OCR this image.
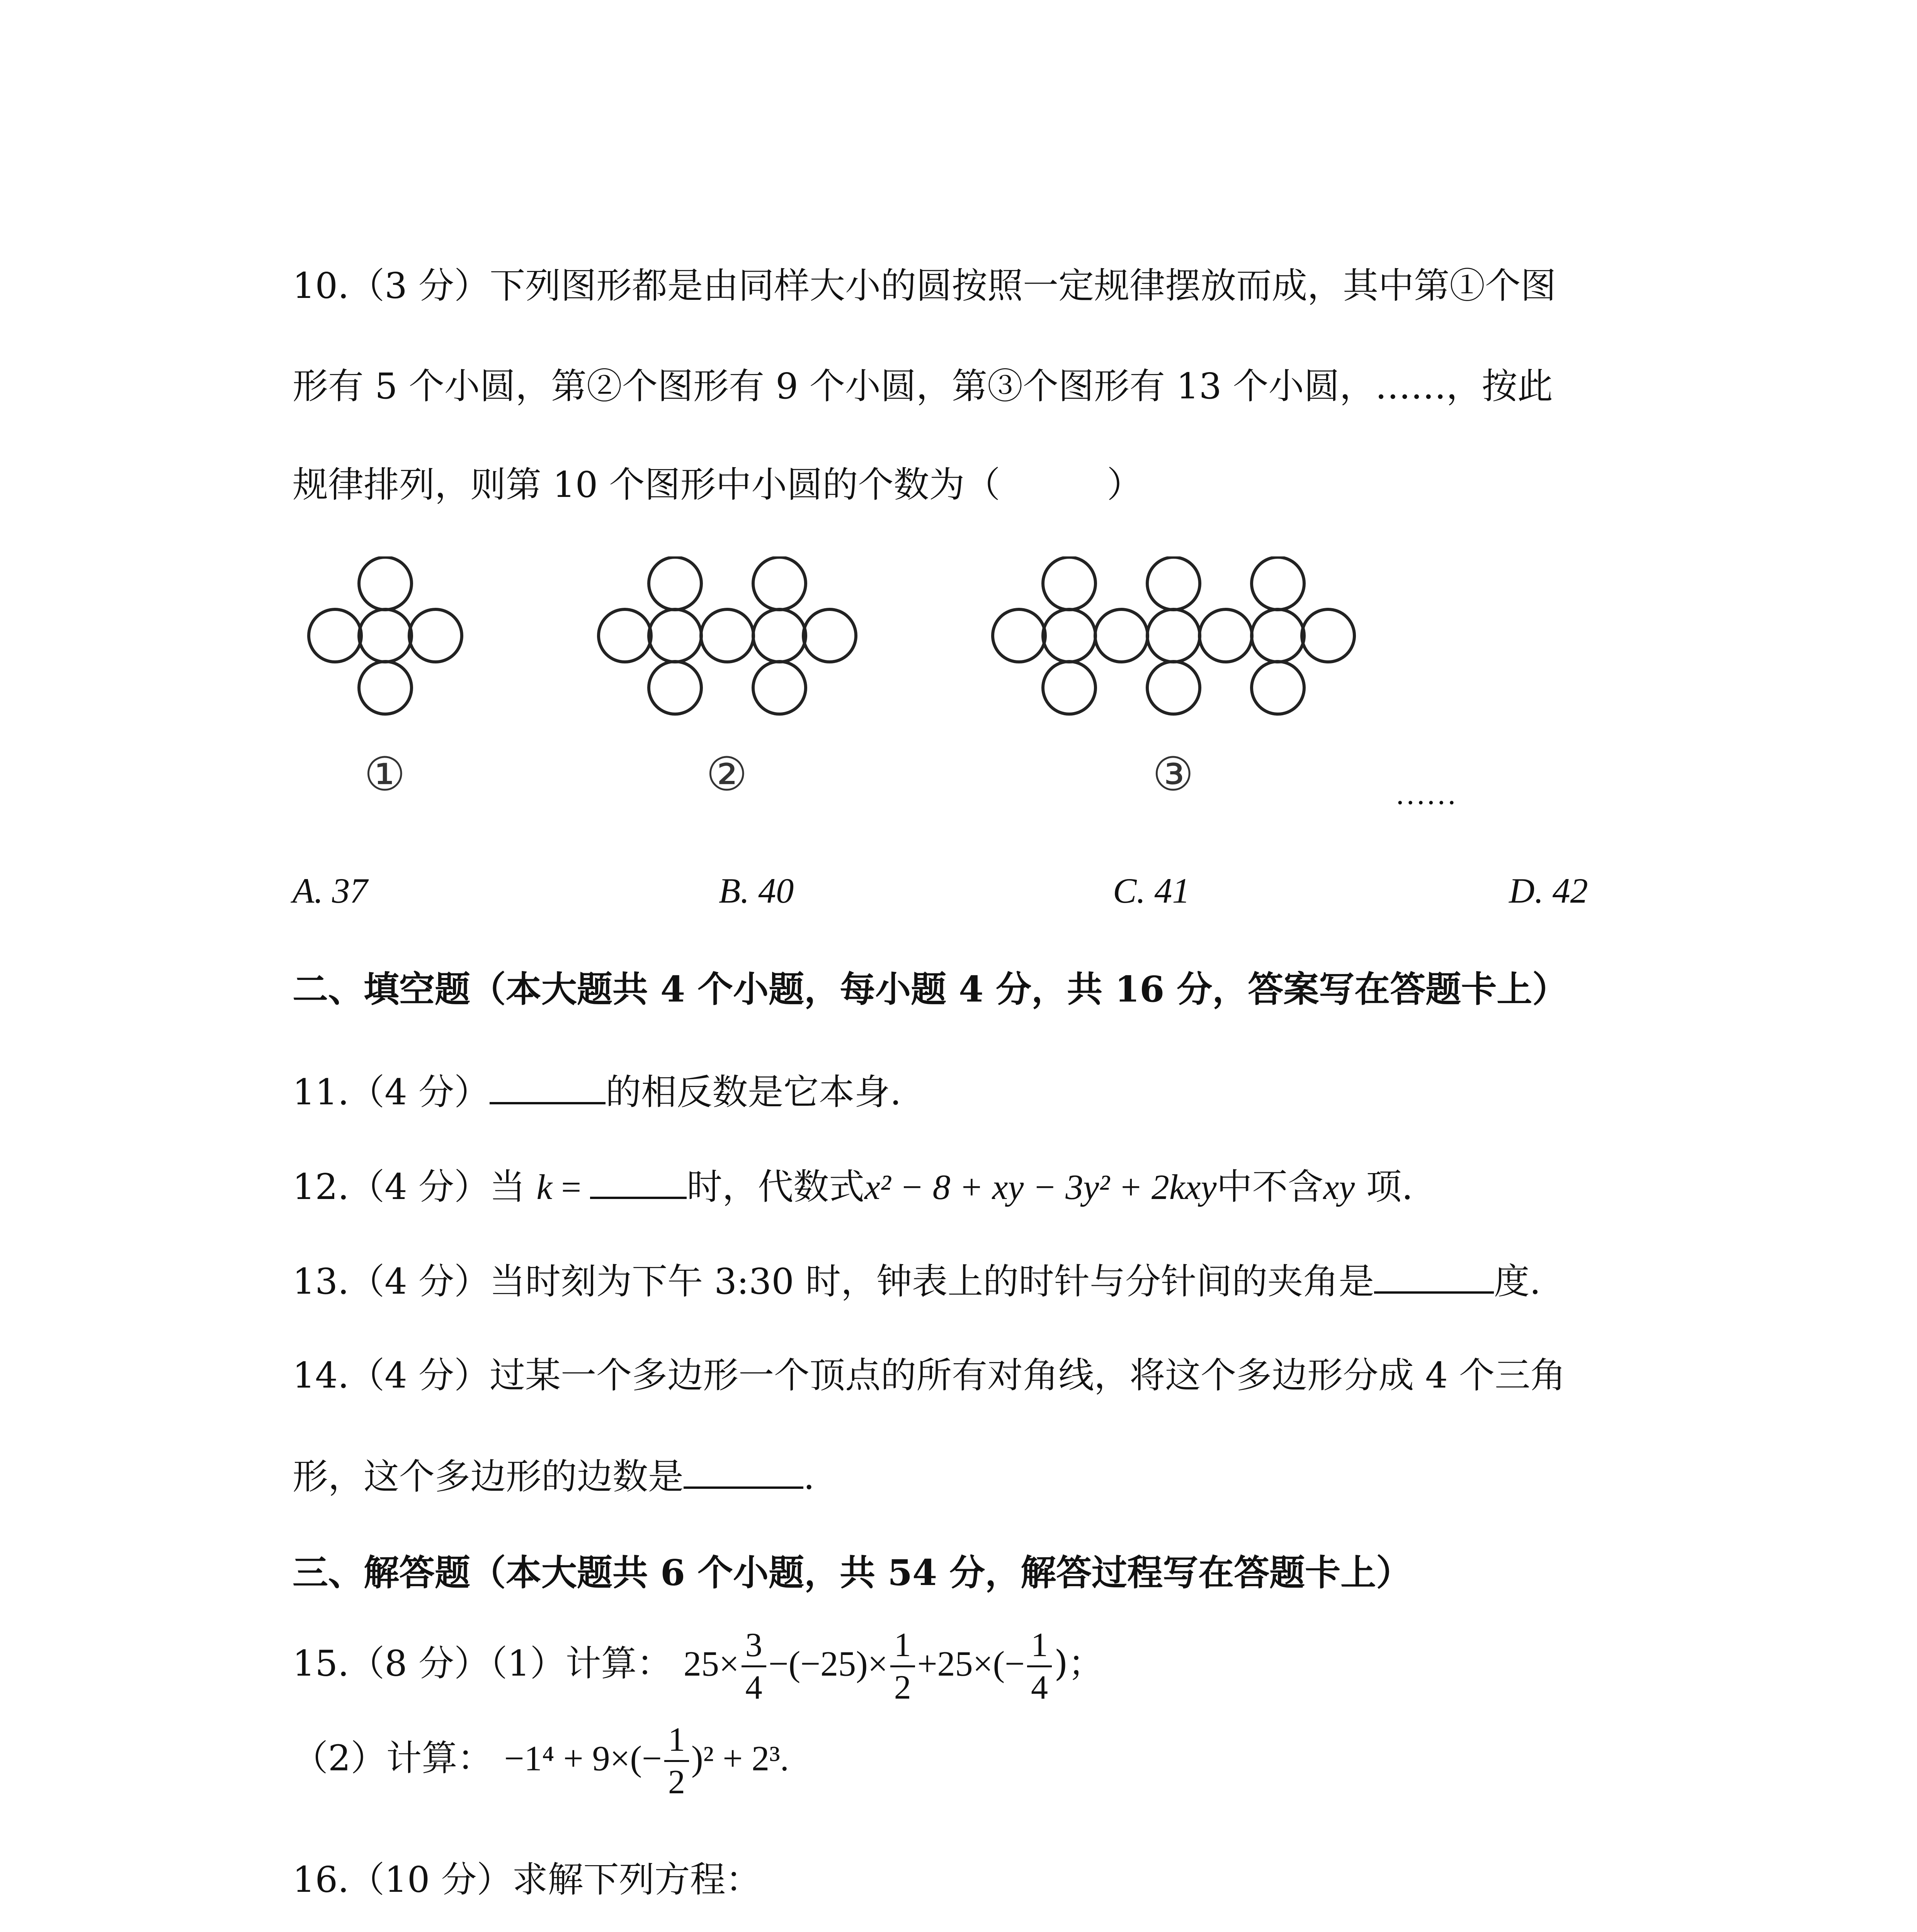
10.（3 分）下列图形都是由同样大小的圆按照一定规律摆放而成，其中第①个图
形有 5 个小圆，第②个图形有 9 个小圆，第③个图形有 13 个小圆，……，按此
规律排列，则第 10 个图形中小圆的个数为（　　　）
①	②	③	……
A. 37	B. 40	C. 41	D. 42
二、填空题（本大题共 4 个小题，每小题 4 分，共 16 分，答案写在答题卡上）
11.（4 分）	的相反数是它本身.
12.（4 分）当 k =	时，代数式x² − 8 + xy − 3y² + 2kxy中不含xy 项.
13.（4 分）当时刻为下午 3:30 时，钟表上的时针与分针间的夹角是	度.
14.（4 分）过某一个多边形一个顶点的所有对角线，将这个多边形分成 4 个三角
形，这个多边形的边数是	.
三、解答题（本大题共 6 个小题，共 54 分，解答过程写在答题卡上）
15.（8 分）（1）计算： $25\times \frac{3}{4} -(-25)\times \frac{1}{2} +25\times(- \frac{1}{4}$ )；
（2）计算： $-1^4 + 9\times(- \frac{1}{2} )^2 + 2^3$.
16.（10 分）求解下列方程：
